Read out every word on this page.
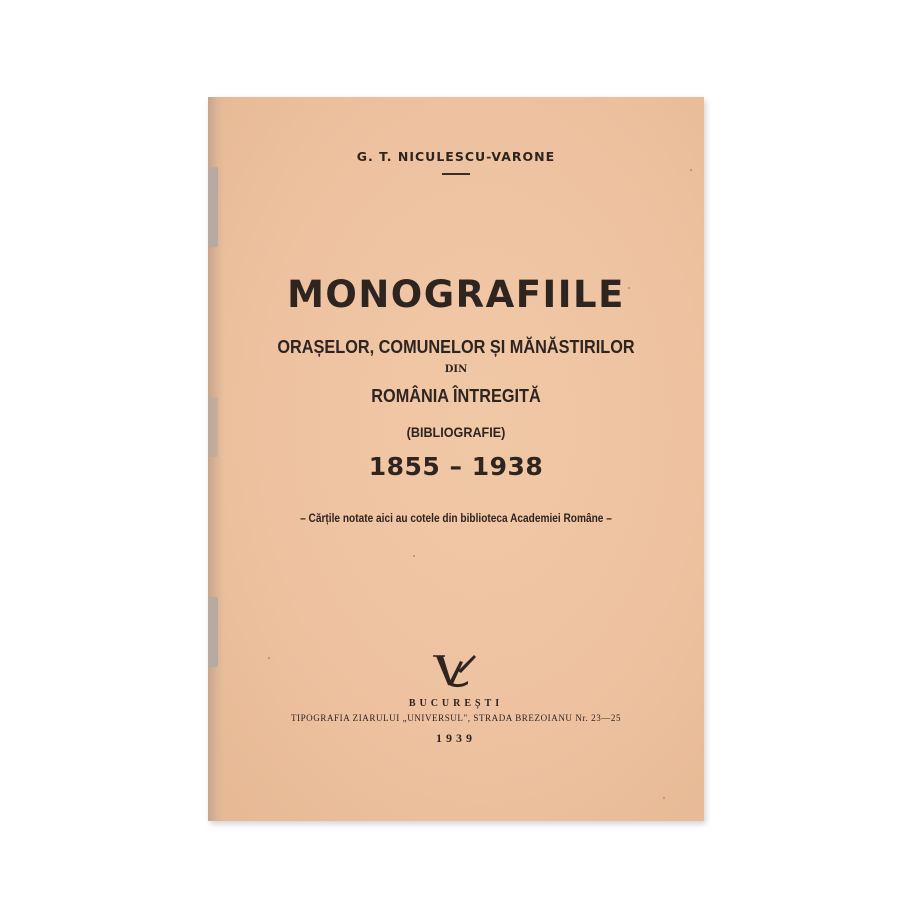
G. T. NICULESCU-VARONE
MONOGRAFIILE
ORAȘELOR, COMUNELOR ȘI MĂNĂSTIRILOR
DIN
ROMÂNIA ÎNTREGITĂ
(BIBLIOGRAFIE)
1855 – 1938
– Cărțile notate aici au cotele din biblioteca Academiei Române –
BUCUREȘTI
TIPOGRAFIA ZIARULUI „UNIVERSUL", STRADA BREZOIANU Nr. 23—25
1939
